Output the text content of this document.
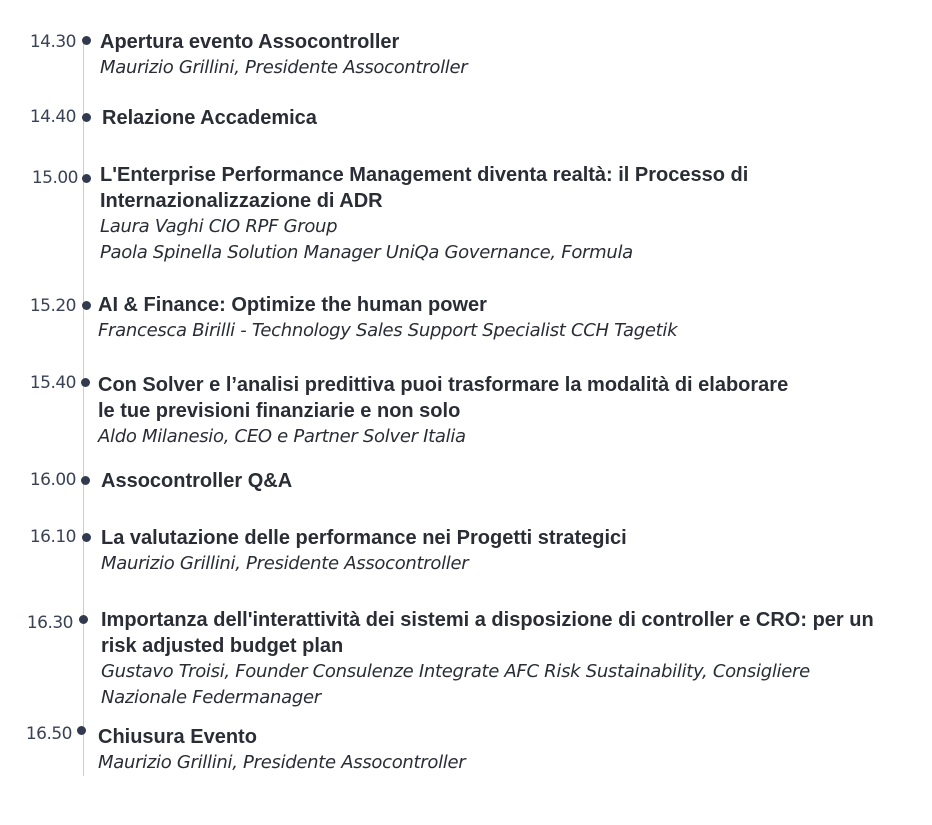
14.30 Apertura evento Assocontroller

Maurizio Grillini, Presidente Assocontroller

14.40 Relazione Accademica

15.00 L'Enterprise Performance Management diventa realtà: il Processo di Internazionalizzazione di ADR

Laura Vaghi CIO RPF Group

Paola Spinella Solution Manager UniQa Governance, Formula

15.20 AI & Finance: Optimize the human power

Francesca Birilli - Technology Sales Support Specialist CCH Tagetik

15.40 Con Solver e l’analisi predittiva puoi trasformare la modalità di elaborare le tue previsioni finanziarie e non solo

Aldo Milanesio, CEO e Partner Solver Italia

16.00 Assocontroller Q&A

16.10 La valutazione delle performance nei Progetti strategici

Maurizio Grillini, Presidente Assocontroller

16.30 Importanza dell'interattività dei sistemi a disposizione di controller e CRO: per un risk adjusted budget plan

Gustavo Troisi, Founder Consulenze Integrate AFC Risk Sustainability, Consigliere Nazionale Federmanager

16.50 Chiusura Evento

Maurizio Grillini, Presidente Assocontroller
